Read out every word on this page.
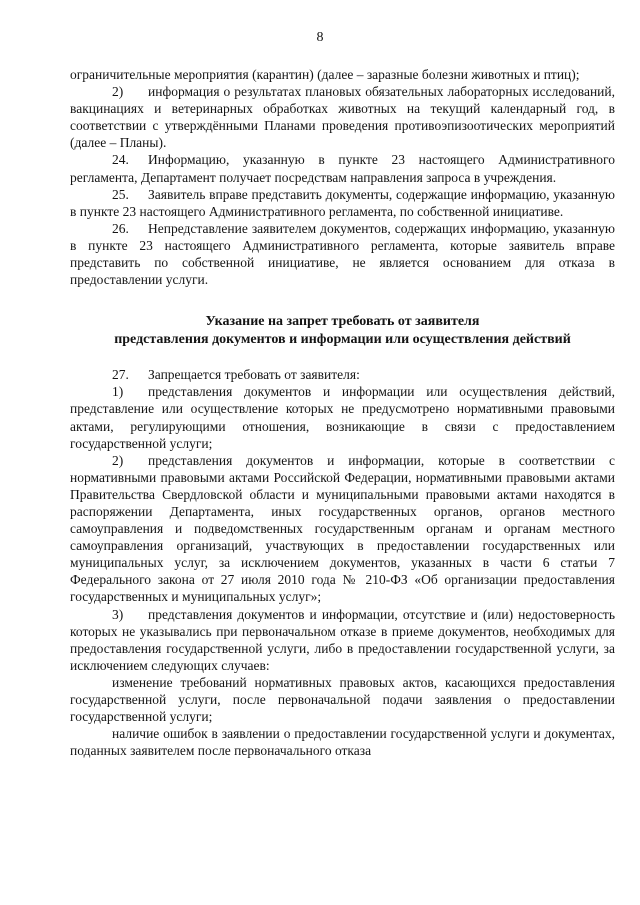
8

ограничительные мероприятия (карантин) (далее – заразные болезни животных и птиц);

2) информация о результатах плановых обязательных лабораторных исследований, вакцинациях и ветеринарных обработках животных на текущий календарный год, в соответствии с утверждёнными Планами проведения противоэпизоотических мероприятий (далее – Планы).

24. Информацию, указанную в пункте 23 настоящего Административного регламента, Департамент получает посредствам направления запроса в учреждения.

25. Заявитель вправе представить документы, содержащие информацию, указанную в пункте 23 настоящего Административного регламента, по собственной инициативе.

26. Непредставление заявителем документов, содержащих информацию, указанную в пункте 23 настоящего Административного регламента, которые заявитель вправе представить по собственной инициативе, не является основанием для отказа в предоставлении услуги.

Указание на запрет требовать от заявителя
представления документов и информации или осуществления действий

27. Запрещается требовать от заявителя:

1) представления документов и информации или осуществления действий, представление или осуществление которых не предусмотрено нормативными правовыми актами, регулирующими отношения, возникающие в связи с предоставлением государственной услуги;

2) представления документов и информации, которые в соответствии с нормативными правовыми актами Российской Федерации, нормативными правовыми актами Правительства Свердловской области и муниципальными правовыми актами находятся в распоряжении Департамента, иных государственных органов, органов местного самоуправления и подведомственных государственным органам и органам местного самоуправления организаций, участвующих в предоставлении государственных или муниципальных услуг, за исключением документов, указанных в части 6 статьи 7 Федерального закона от 27 июля 2010 года № 210-ФЗ «Об организации предоставления государственных и муниципальных услуг»;

3) представления документов и информации, отсутствие и (или) недостоверность которых не указывались при первоначальном отказе в приеме документов, необходимых для предоставления государственной услуги, либо в предоставлении государственной услуги, за исключением следующих случаев:

изменение требований нормативных правовых актов, касающихся предоставления государственной услуги, после первоначальной подачи заявления о предоставлении государственной услуги;

наличие ошибок в заявлении о предоставлении государственной услуги и документах, поданных заявителем после первоначального отказа
